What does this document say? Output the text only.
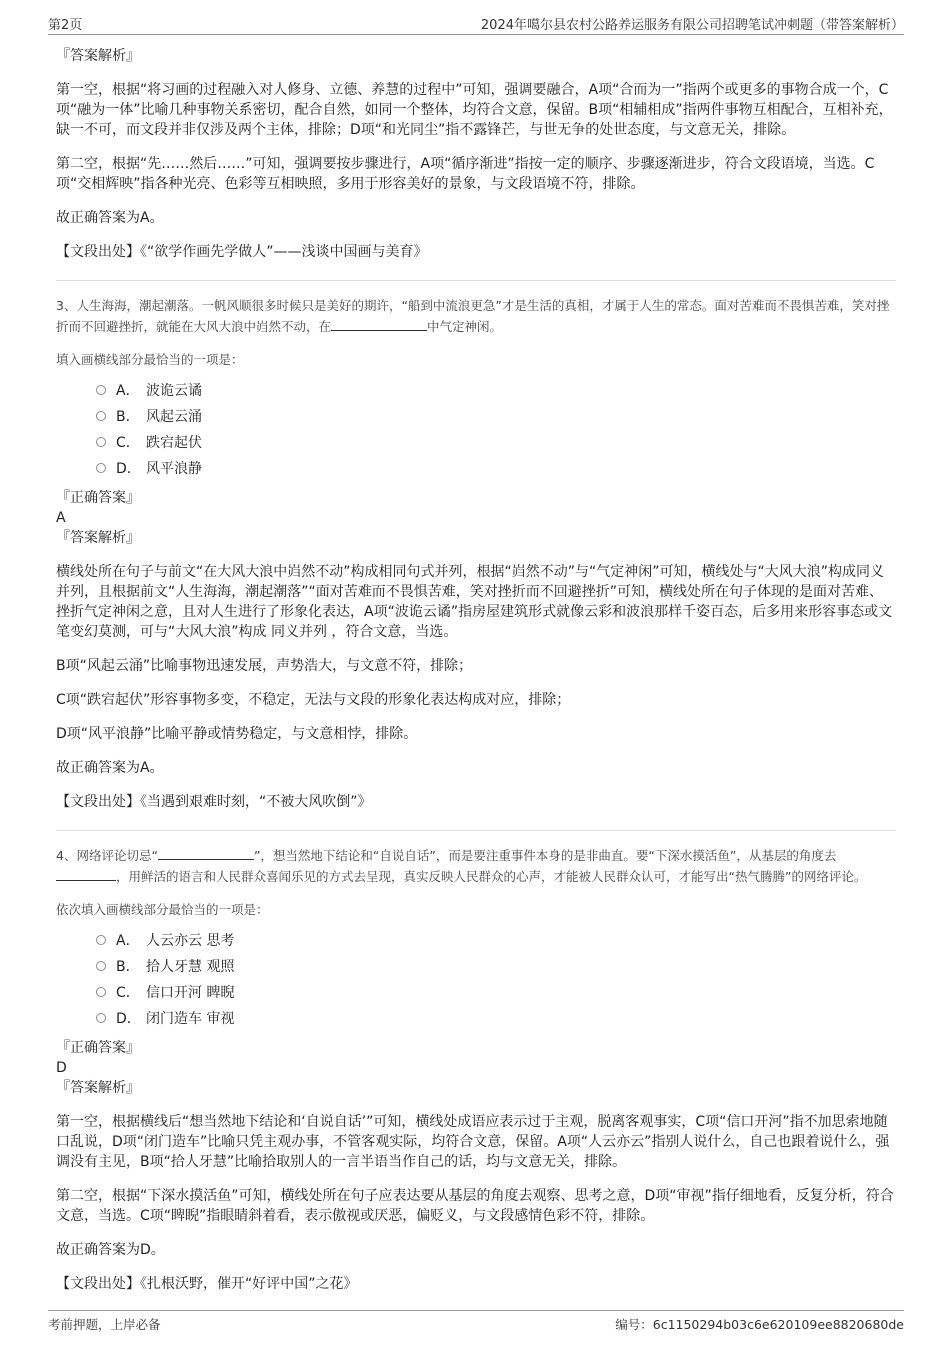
第2页	2024年噶尔县农村公路养运服务有限公司招聘笔试冲刺题（带答案解析）
『答案解析』

第一空，根据“将习画的过程融入对人修身、立德、养慧的过程中”可知，强调要融合，A项“合而为一”指两个或更多的事物合成一个，C项“融为一体”比喻几种事物关系密切，配合自然，如同一个整体，均符合文意，保留。B项“相辅相成”指两件事物互相配合，互相补充，缺一不可，而文段并非仅涉及两个主体，排除；D项“和光同尘”指不露锋芒，与世无争的处世态度，与文意无关，排除。

第二空，根据“先……然后……”可知，强调要按步骤进行，A项“循序渐进”指按一定的顺序、步骤逐渐进步，符合文段语境，当选。C项“交相辉映”指各种光亮、色彩等互相映照，多用于形容美好的景象，与文段语境不符，排除。

故正确答案为A。

【文段出处】《“欲学作画先学做人”——浅谈中国画与美育》

3、人生海海，潮起潮落。一帆风顺很多时候只是美好的期许，“船到中流浪更急”才是生活的真相，才属于人生的常态。面对苦难而不畏惧苦难，笑对挫折而不回避挫折，就能在大风大浪中岿然不动，在	中气定神闲。

填入画横线部分最恰当的一项是：

A． 波诡云谲
B． 风起云涌
C． 跌宕起伏
D． 风平浪静
『正确答案』
A
『答案解析』

横线处所在句子与前文“在大风大浪中岿然不动”构成相同句式并列，根据“岿然不动”与“气定神闲”可知，横线处与“大风大浪”构成同义并列，且根据前文“人生海海，潮起潮落”“面对苦难而不畏惧苦难，笑对挫折而不回避挫折”可知，横线处所在句子体现的是面对苦难、挫折气定神闲之意，且对人生进行了形象化表达，A项“波诡云谲”指房屋建筑形式就像云彩和波浪那样千姿百态，后多用来形容事态或文笔变幻莫测，可与“大风大浪”构成 同义并列 ，符合文意，当选。

B项“风起云涌”比喻事物迅速发展，声势浩大，与文意不符，排除；

C项“跌宕起伏”形容事物多变，不稳定，无法与文段的形象化表达构成对应，排除；

D项“风平浪静”比喻平静或情势稳定，与文意相悖，排除。

故正确答案为A。

【文段出处】《当遇到艰难时刻，“不被大风吹倒”》

4、网络评论切忌“	”，想当然地下结论和“自说自话”，而是要注重事件本身的是非曲直。要“下深水摸活鱼”，从基层的角度去，用鲜活的语言和人民群众喜闻乐见的方式去呈现，真实反映人民群众的心声，才能被人民群众认可，才能写出“热气腾腾”的网络评论。

依次填入画横线部分最恰当的一项是：

A． 人云亦云 思考
B． 拾人牙慧 观照
C． 信口开河 睥睨
D． 闭门造车 审视
『正确答案』
D
『答案解析』

第一空，根据横线后“想当然地下结论和‘自说自话’”可知，横线处成语应表示过于主观，脱离客观事实，C项“信口开河”指不加思索地随口乱说，D项“闭门造车”比喻只凭主观办事，不管客观实际，均符合文意，保留。A项“人云亦云”指别人说什么，自己也跟着说什么，强调没有主见，B项“拾人牙慧”比喻拾取别人的一言半语当作自己的话，均与文意无关，排除。

第二空，根据“下深水摸活鱼”可知，横线处所在句子应表达要从基层的角度去观察、思考之意，D项“审视”指仔细地看，反复分析，符合文意，当选。C项“睥睨”指眼睛斜着看，表示傲视或厌恶，偏贬义，与文段感情色彩不符，排除。

故正确答案为D。

【文段出处】《扎根沃野，催开“好评中国”之花》

考前押题，上岸必备	编号：6c1150294b03c6e620109ee8820680de
